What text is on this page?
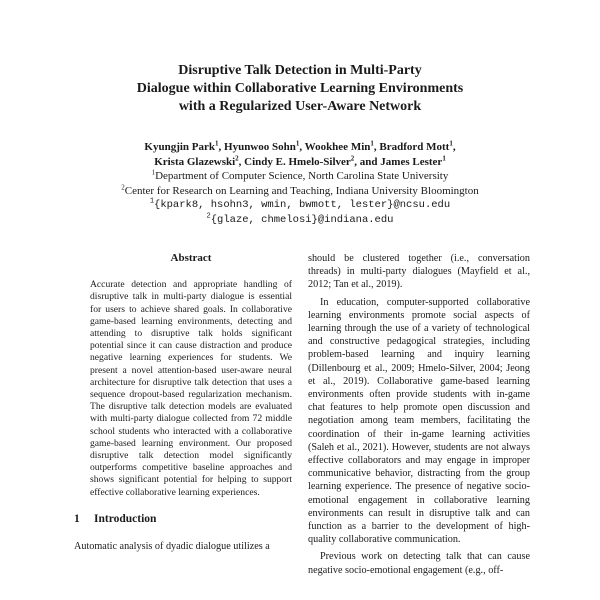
Disruptive Talk Detection in Multi-Party
Dialogue within Collaborative Learning Environments
with a Regularized User-Aware Network
Kyungjin Park$^1$, Hyunwoo Sohn$^1$, Wookhee Min$^1$, Bradford Mott$^1$,
Krista Glazewski$^2$, Cindy E. Hmelo-Silver$^2$, and James Lester$^1$
$^1$Department of Computer Science, North Carolina State University
$^2$Center for Research on Learning and Teaching, Indiana University Bloomington
$^1${kpark8, hsohn3, wmin, bwmott, lester}@ncsu.edu
$^2${glaze, chmelosi}@indiana.edu
Abstract
Accurate detection and appropriate handling of disruptive talk in multi-party dialogue is essential for users to achieve shared goals. In collaborative game-based learning environments, detecting and attending to disruptive talk holds significant potential since it can cause distraction and produce negative learning experiences for students. We present a novel attention-based user-aware neural architecture for disruptive talk detection that uses a sequence dropout-based regularization mechanism. The disruptive talk detection models are evaluated with multi-party dialogue collected from 72 middle school students who interacted with a collaborative game-based learning environment. Our proposed disruptive talk detection model significantly outperforms competitive baseline approaches and shows significant potential for helping to support effective collaborative learning experiences.
1 Introduction
Automatic analysis of dyadic dialogue utilizes a
should be clustered together (i.e., conversation threads) in multi-party dialogues (Mayfield et al., 2012; Tan et al., 2019).
In education, computer-supported collaborative learning environments promote social aspects of learning through the use of a variety of technological and constructive pedagogical strategies, including problem-based learning and inquiry learning (Dillenbourg et al., 2009; Hmelo-Silver, 2004; Jeong et al., 2019). Collaborative game-based learning environments often provide students with in-game chat features to help promote open discussion and negotiation among team members, facilitating the coordination of their in-game learning activities (Saleh et al., 2021). However, students are not always effective collaborators and may engage in improper communicative behavior, distracting from the group learning experience. The presence of negative socio-emotional engagement in collaborative learning environments can result in disruptive talk and can function as a barrier to the development of high-quality collaborative communication.
Previous work on detecting talk that can cause negative socio-emotional engagement (e.g., off-
